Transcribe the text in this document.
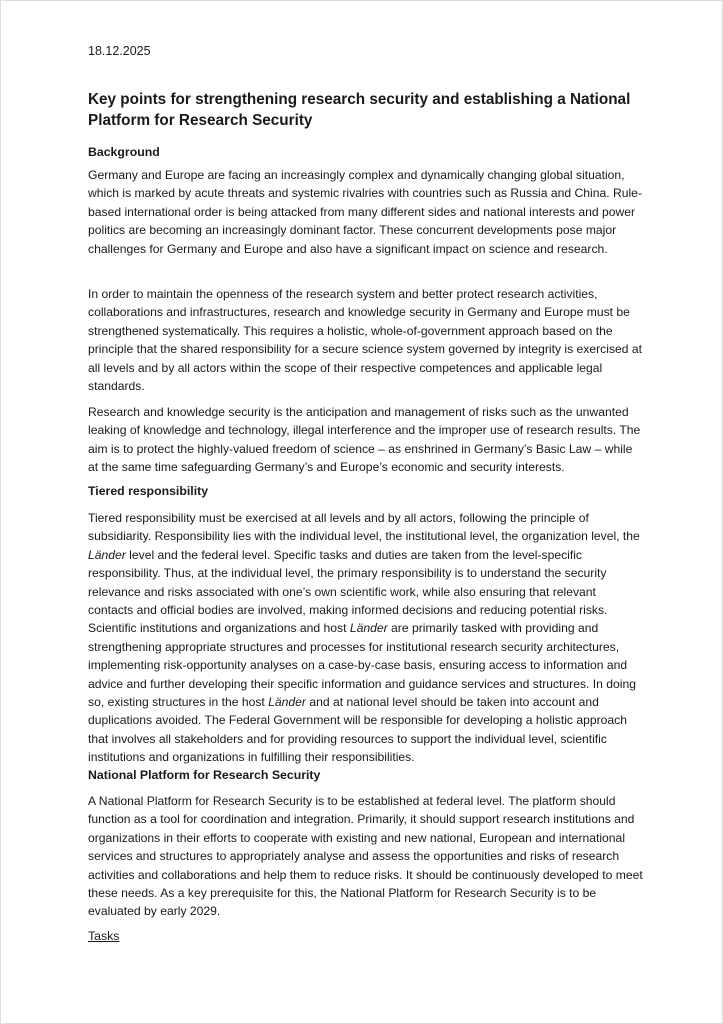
18.12.2025
Key points for strengthening research security and establishing a National Platform for Research Security
Background

Germany and Europe are facing an increasingly complex and dynamically changing global situation, which is marked by acute threats and systemic rivalries with countries such as Russia and China. Rule-based international order is being attacked from many different sides and national interests and power politics are becoming an increasingly dominant factor. These concurrent developments pose major challenges for Germany and Europe and also have a significant impact on science and research.

In order to maintain the openness of the research system and better protect research activities, collaborations and infrastructures, research and knowledge security in Germany and Europe must be strengthened systematically. This requires a holistic, whole-of-government approach based on the principle that the shared responsibility for a secure science system governed by integrity is exercised at all levels and by all actors within the scope of their respective competences and applicable legal standards.

Research and knowledge security is the anticipation and management of risks such as the unwanted leaking of knowledge and technology, illegal interference and the improper use of research results. The aim is to protect the highly-valued freedom of science – as enshrined in Germany’s Basic Law – while at the same time safeguarding Germany’s and Europe’s economic and security interests.

Tiered responsibility

Tiered responsibility must be exercised at all levels and by all actors, following the principle of subsidiarity. Responsibility lies with the individual level, the institutional level, the organization level, the Länder level and the federal level. Specific tasks and duties are taken from the level-specific responsibility. Thus, at the individual level, the primary responsibility is to understand the security relevance and risks associated with one’s own scientific work, while also ensuring that relevant contacts and official bodies are involved, making informed decisions and reducing potential risks. Scientific institutions and organizations and host Länder are primarily tasked with providing and strengthening appropriate structures and processes for institutional research security architectures, implementing risk-opportunity analyses on a case-by-case basis, ensuring access to information and advice and further developing their specific information and guidance services and structures. In doing so, existing structures in the host Länder and at national level should be taken into account and duplications avoided. The Federal Government will be responsible for developing a holistic approach that involves all stakeholders and for providing resources to support the individual level, scientific institutions and organizations in fulfilling their responsibilities.

National Platform for Research Security

A National Platform for Research Security is to be established at federal level. The platform should function as a tool for coordination and integration. Primarily, it should support research institutions and organizations in their efforts to cooperate with existing and new national, European and international services and structures to appropriately analyse and assess the opportunities and risks of research activities and collaborations and help them to reduce risks. It should be continuously developed to meet these needs. As a key prerequisite for this, the National Platform for Research Security is to be evaluated by early 2029.

Tasks
